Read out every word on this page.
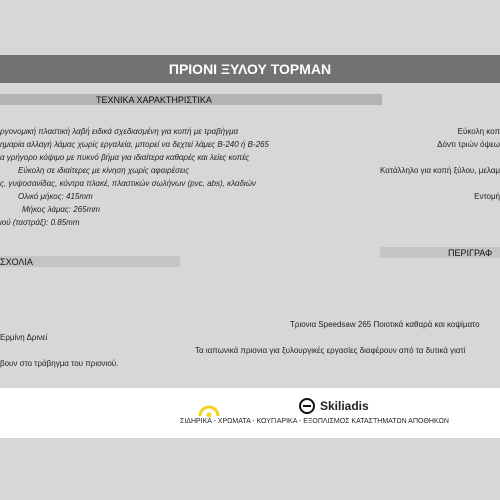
ΠΡΙΟΝΙ ΞΥΛΟΥ TOPMAN
ΤΕΧΝΙΚΑ ΧΑΡΑΚΤΗΡΙΣΤΙΚΑ
ργονομική πλαστική λαβή ειδικά σχεδιασμένη για κοπή με τραβήγμα
ημαρία αλλαγή λάμας χωρίς εργαλεία, μπορεί να δεχτεί λάμες B-240 ή B-265
α γρήγορο κόψιμο με πυκνό βήμα για ιδιαίτερα καθαρές και λείες κοπές
Εύκολη σε ιδιαίτερες με κίνηση χωρίς αφαιρέσεις
ς, γυψοσανίδας, κόντρα πλακέ, πλαστικών σωλήνων (pvc, abs), κλαδιών
Ολικό μήκος: 415mm
Μήκος λάμας: 265mm
ιού (ταστράξ): 0.85mm
Εύκολη κοπ
Δόντι τριών όψεω

Κατάλληλο για κοπή ξύλου, μελαμ

Εντομή
ΣΧΟΛΙΑ
ΠΕΡΙΓΡΑΦ
Τριονια Speedsaw 265 Ποιοτικά καθαρά και κοψίματο
Ερμίνη Δρινεί
Τα ιαπωνικά πριονια για ξυλουργικές εργασίες διαφέρουν από τα δυτικά γιατί
βουν στο τράβηγμα του πριονιού.
Skiliadis
ΣΙΔΗΡΙΚΑ - ΧΡΩΜΑΤΑ - ΚΟΥΓΙΑΡΙΚΑ - ΕΞΟΠΛΙΣΜΟΣ ΚΑΤΑΣΤΗΜΑΤΩΝ ΑΠΟΘΗΚΩΝ
